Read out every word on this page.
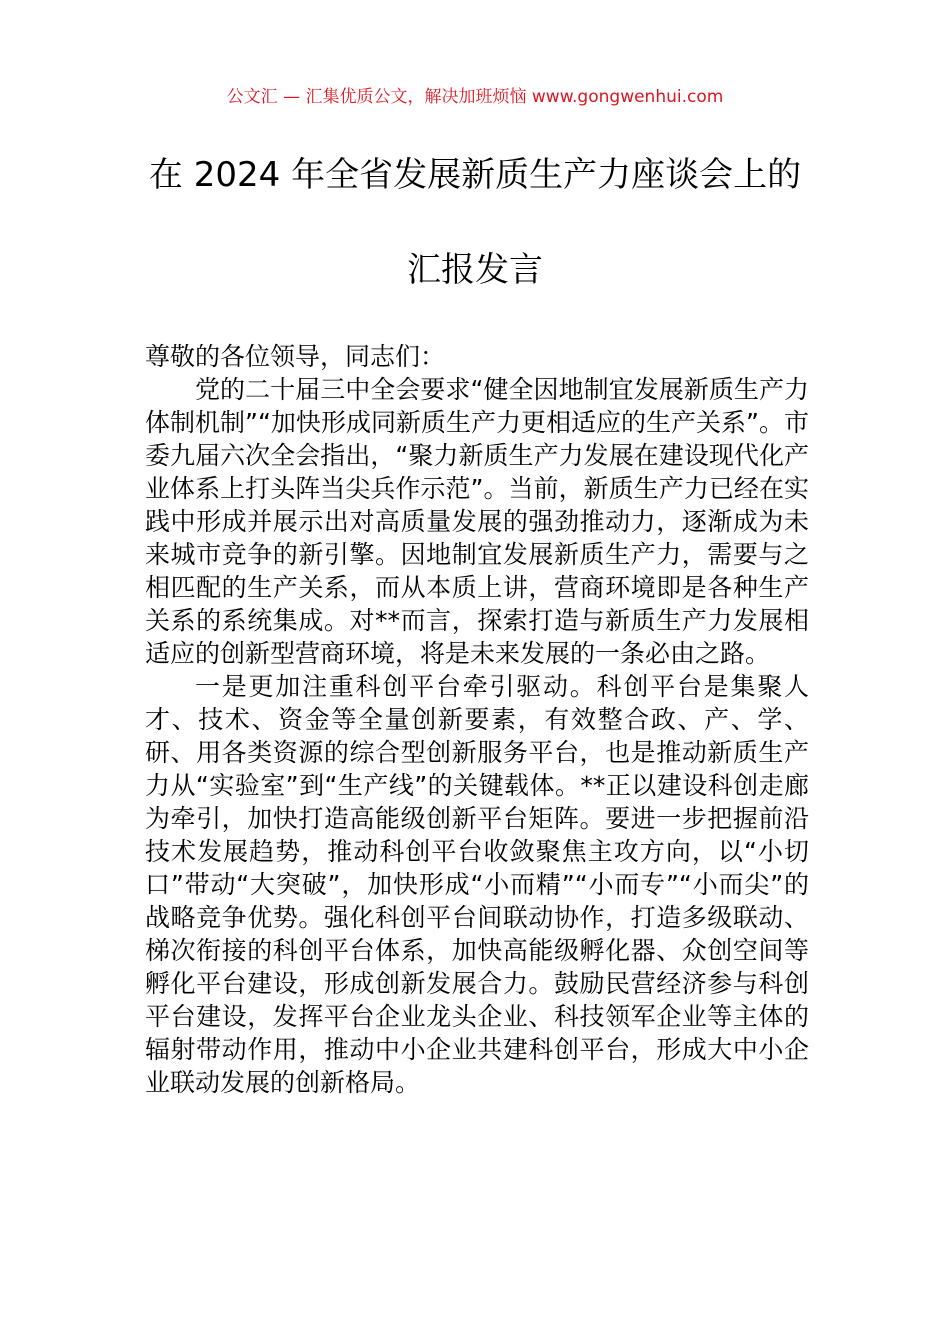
公文汇 — 汇集优质公文，解决加班烦恼 www.gongwenhui.com
在 2024 年全省发展新质生产力座谈会上的
汇报发言

尊敬的各位领导，同志们：

党的二十届三中全会要求“健全因地制宜发展新质生产力体制机制”“加快形成同新质生产力更相适应的生产关系”。市委九届六次全会指出，“聚力新质生产力发展在建设现代化产业体系上打头阵当尖兵作示范”。当前，新质生产力已经在实践中形成并展示出对高质量发展的强劲推动力，逐渐成为未来城市竞争的新引擎。因地制宜发展新质生产力，需要与之相匹配的生产关系，而从本质上讲，营商环境即是各种生产关系的系统集成。对**而言，探索打造与新质生产力发展相适应的创新型营商环境，将是未来发展的一条必由之路。

一是更加注重科创平台牵引驱动。科创平台是集聚人才、技术、资金等全量创新要素，有效整合政、产、学、研、用各类资源的综合型创新服务平台，也是推动新质生产力从“实验室”到“生产线”的关键载体。**正以建设科创走廊为牵引，加快打造高能级创新平台矩阵。要进一步把握前沿技术发展趋势，推动科创平台收敛聚焦主攻方向，以“小切口”带动“大突破”，加快形成“小而精”“小而专”“小而尖”的战略竞争优势。强化科创平台间联动协作，打造多级联动、梯次衔接的科创平台体系，加快高能级孵化器、众创空间等孵化平台建设，形成创新发展合力。鼓励民营经济参与科创平台建设，发挥平台企业龙头企业、科技领军企业等主体的辐射带动作用，推动中小企业共建科创平台，形成大中小企业联动发展的创新格局。
